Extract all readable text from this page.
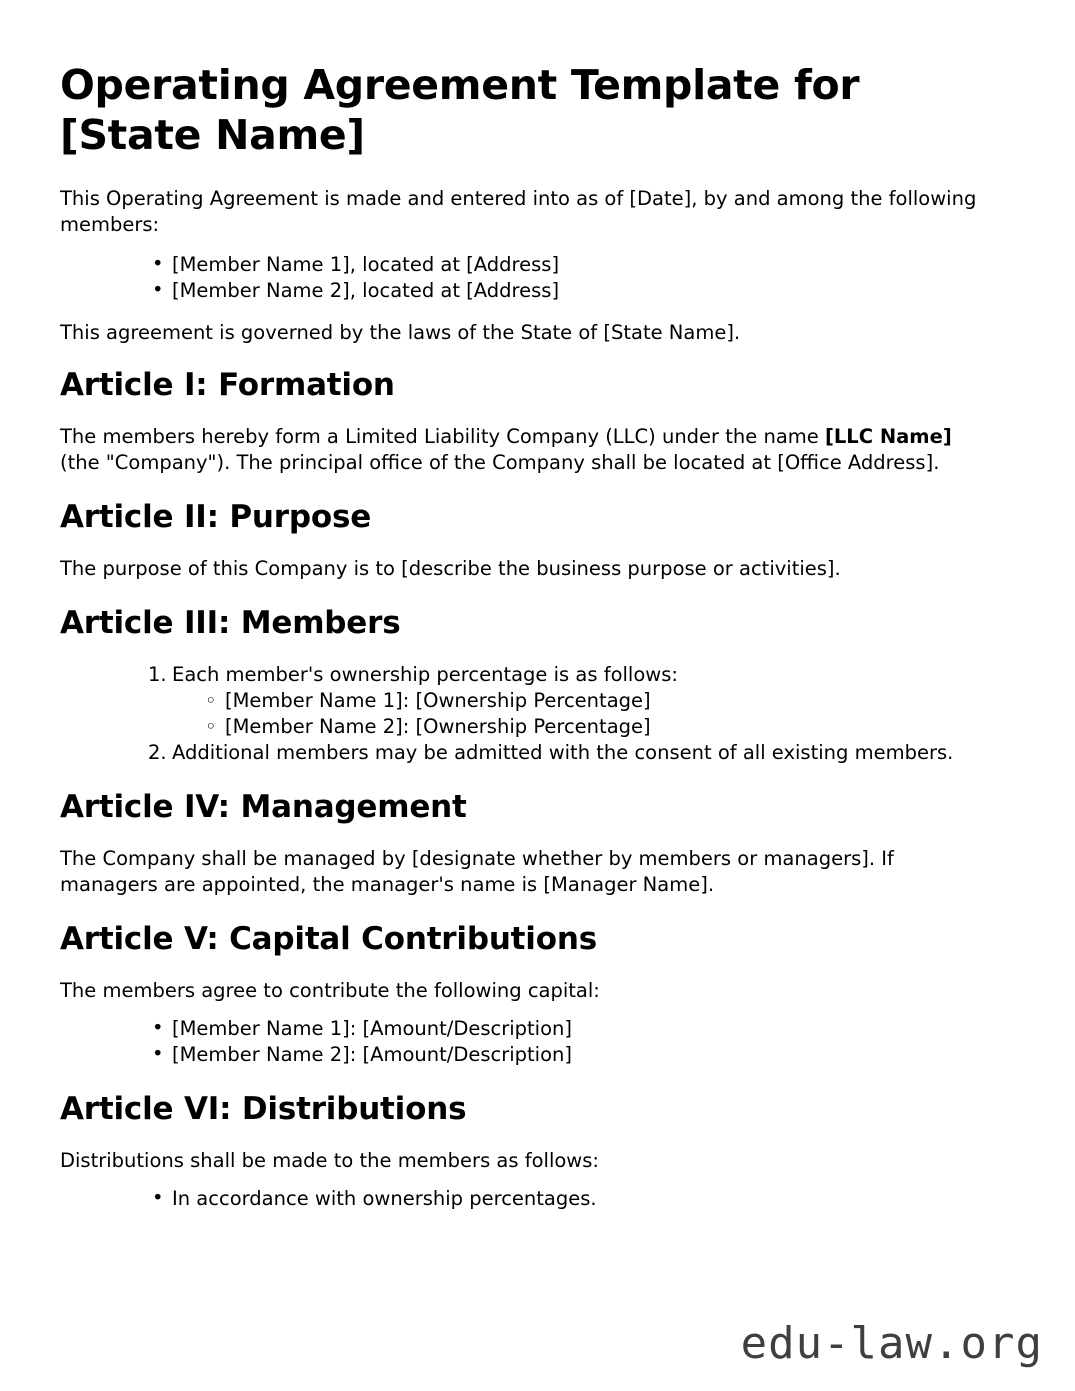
Operating Agreement Template for [State Name]

This Operating Agreement is made and entered into as of [Date], by and among the following members:

• [Member Name 1], located at [Address]
• [Member Name 2], located at [Address]

This agreement is governed by the laws of the State of [State Name].

Article I: Formation

The members hereby form a Limited Liability Company (LLC) under the name [LLC Name] (the "Company"). The principal office of the Company shall be located at [Office Address].

Article II: Purpose

The purpose of this Company is to [describe the business purpose or activities].

Article III: Members
Each member's ownership percentage is as follows:
◦ [Member Name 1]: [Ownership Percentage]
◦ [Member Name 2]: [Ownership Percentage]
Additional members may be admitted with the consent of all existing members.
Article IV: Management

The Company shall be managed by [designate whether by members or managers]. If managers are appointed, the manager's name is [Manager Name].

Article V: Capital Contributions

The members agree to contribute the following capital:

• [Member Name 1]: [Amount/Description]
• [Member Name 2]: [Amount/Description]
Article VI: Distributions

Distributions shall be made to the members as follows:

• In accordance with ownership percentages.
edu-law.org
